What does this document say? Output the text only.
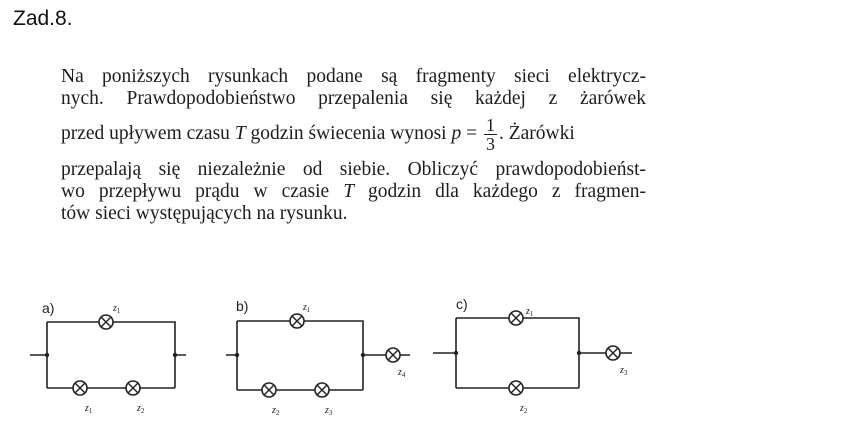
Zad.8.
Na poniższych rysunkach podane są fragmenty sieci elektrycz-
nych. Prawdopodobieństwo przepalenia się każdej z żarówek
przed upływem czasu T godzin świecenia wynosi $p = \frac{1}{3}$ . Żarówki
przepalają się niezależnie od siebie. Obliczyć prawdopodobieńst-
wo przepływu prądu w czasie T godzin dla każdego z fragmen-
tów sieci występujących na rysunku.
a)	$z_1$
$z_1$	$z_2$
b)	$z_1$
$z_2$	$z_3$
$z_4$
c)	$z_1$
$z_2$
$z_3$
